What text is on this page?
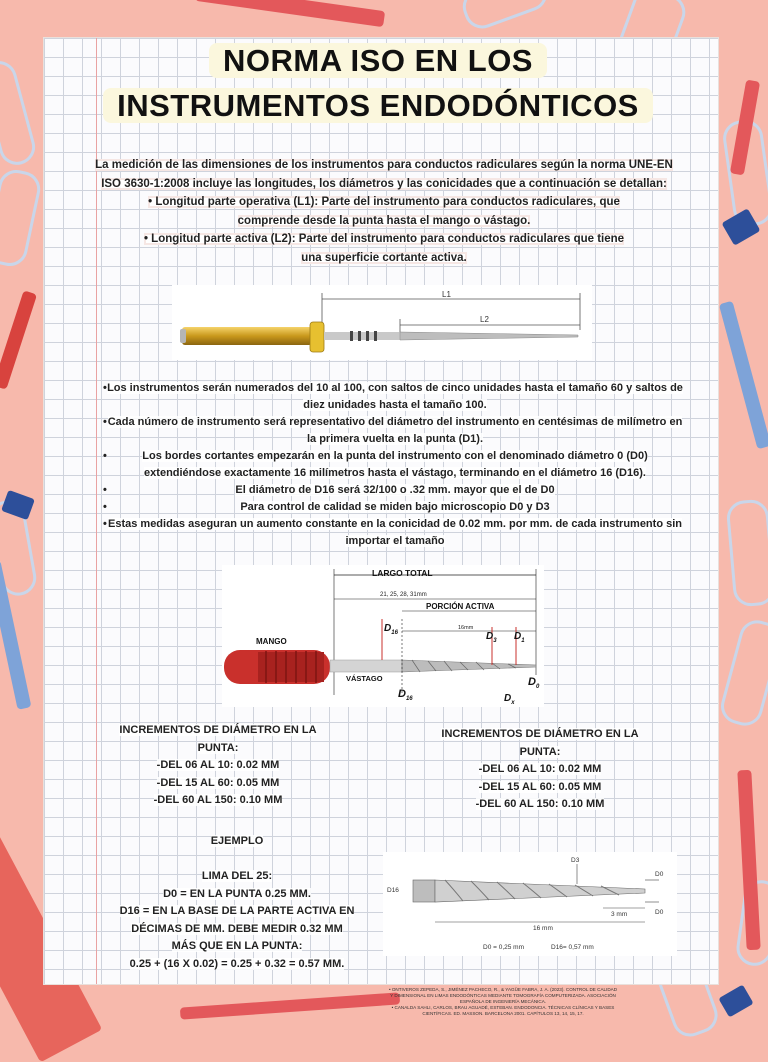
NORMA ISO EN LOS
INSTRUMENTOS ENDODÓNTICOS
La medición de las dimensiones de los instrumentos para conductos radiculares según la norma UNE-EN
ISO 3630-1:2008 incluye las longitudes, los diámetros y las conicidades que a continuación se detallan:
• Longitud parte operativa (L1): Parte del instrumento para conductos radiculares, que
comprende desde la punta hasta el mango o vástago.
• Longitud parte activa (L2): Parte del instrumento para conductos radiculares que tiene
una superficie cortante activa.
L1
L2
• Los instrumentos serán numerados del 10 al 100, con saltos de cinco unidades hasta el tamaño 60 y saltos de diez unidades hasta el tamaño 100.
• Cada número de instrumento será representativo del diámetro del instrumento en centésimas de milímetro en la primera vuelta en la punta (D1).
• Los bordes cortantes empezarán en la punta del instrumento con el denominado diámetro 0 (D0) extendiéndose exactamente 16 milímetros hasta el vástago, terminando en el diámetro 16 (D16).
• El diámetro de D16 será 32/100 o .32 mm. mayor que el de D0
• Para control de calidad se miden bajo microscopio D0 y D3
• Estas medidas aseguran un aumento constante en la conicidad de 0.02 mm. por mm. de cada instrumento sin importar el tamaño
LARGO TOTAL
21, 25, 28, 31mm
PORCIÓN ACTIVA
16mm
MANGO
VÁSTAGO
$D_{16}$	$D_3$ $D_1$
$D_0$
$D_{16}$	$D_x$
INCREMENTOS DE DIÁMETRO EN LA
PUNTA:
-DEL 06 AL 10: 0.02 MM
-DEL 15 AL 60: 0.05 MM
-DEL 60 AL 150: 0.10 MM
INCREMENTOS DE DIÁMETRO EN LA
PUNTA:
-DEL 06 AL 10: 0.02 MM
-DEL 15 AL 60: 0.05 MM
-DEL 60 AL 150: 0.10 MM
EJEMPLO

LIMA DEL 25:
D0 = EN LA PUNTA 0.25 MM.
D16 = EN LA BASE DE LA PARTE ACTIVA EN
DÉCIMAS DE MM. DEBE MEDIR 0.32 MM
MÁS QUE EN LA PUNTA:
0.25 + (16 X 0.02) = 0.25 + 0.32 = 0.57 MM.
D3
D0
D16
D0
3 mm
16 mm
D0 = 0,25 mm	D16= 0,57 mm
• ONTIVEROS ZEPEDA, S., JIMÉNEZ PACHECO, R., & YAGÜE FABRA, J. A. (2023). CONTROL DE CALIDAD Y DIMENSIONAL EN LIMAS ENDODÓNTICAS MEDIANTE TOMOGRAFÍA COMPUTERIZADA. ASOCIACIÓN ESPAÑOLA DE INGENIERÍA MECÁNICA.
• CANALDA SAHLI, CARLOS, BRAU AGUADÉ, ESTEBAN. ENDODONCIA. TÉCNICAS CLÍNICAS Y BASES CIENTÍFICAS. ED. MASSON. BARCELONA 2001. CAPÍTULOS 13, 14, 15, 17.
